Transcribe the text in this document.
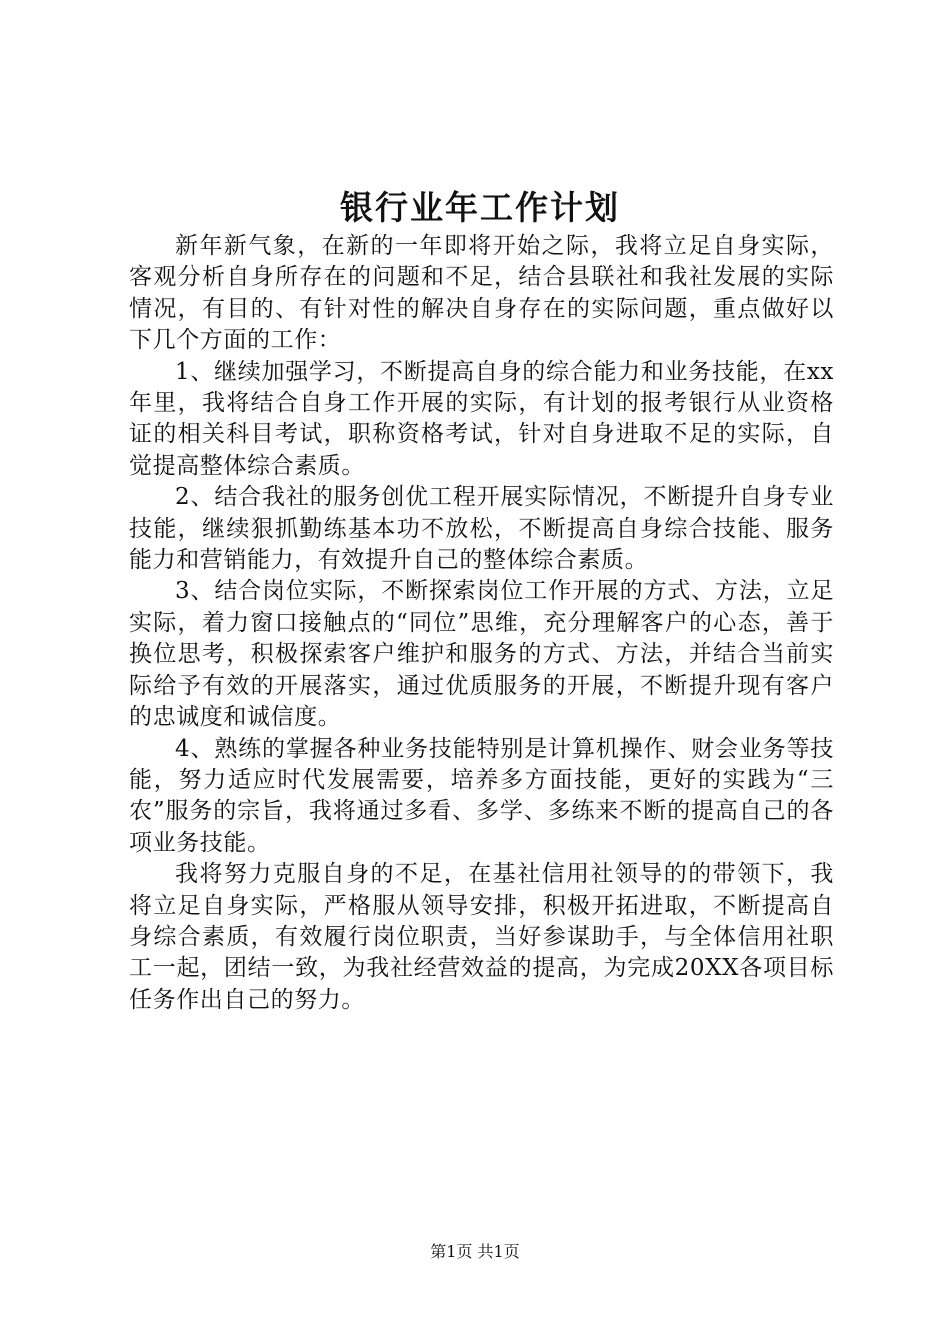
银行业年工作计划

新年新气象，在新的一年即将开始之际，我将立足自身实际，客观分析自身所存在的问题和不足，结合县联社和我社发展的实际情况，有目的、有针对性的解决自身存在的实际问题，重点做好以下几个方面的工作：

1、继续加强学习，不断提高自身的综合能力和业务技能，在xx年里，我将结合自身工作开展的实际，有计划的报考银行从业资格证的相关科目考试，职称资格考试，针对自身进取不足的实际，自觉提高整体综合素质。

2、结合我社的服务创优工程开展实际情况，不断提升自身专业技能，继续狠抓勤练基本功不放松，不断提高自身综合技能、服务能力和营销能力，有效提升自己的整体综合素质。

3、结合岗位实际，不断探索岗位工作开展的方式、方法，立足实际，着力窗口接触点的“同位”思维，充分理解客户的心态，善于换位思考，积极探索客户维护和服务的方式、方法，并结合当前实际给予有效的开展落实，通过优质服务的开展，不断提升现有客户的忠诚度和诚信度。

4、熟练的掌握各种业务技能特别是计算机操作、财会业务等技能，努力适应时代发展需要，培养多方面技能，更好的实践为“三农”服务的宗旨，我将通过多看、多学、多练来不断的提高自己的各项业务技能。

我将努力克服自身的不足，在基社信用社领导的的带领下，我将立足自身实际，严格服从领导安排，积极开拓进取，不断提高自身综合素质，有效履行岗位职责，当好参谋助手，与全体信用社职工一起，团结一致，为我社经营效益的提高，为完成20XX各项目标任务作出自己的努力。

第1页 共1页
